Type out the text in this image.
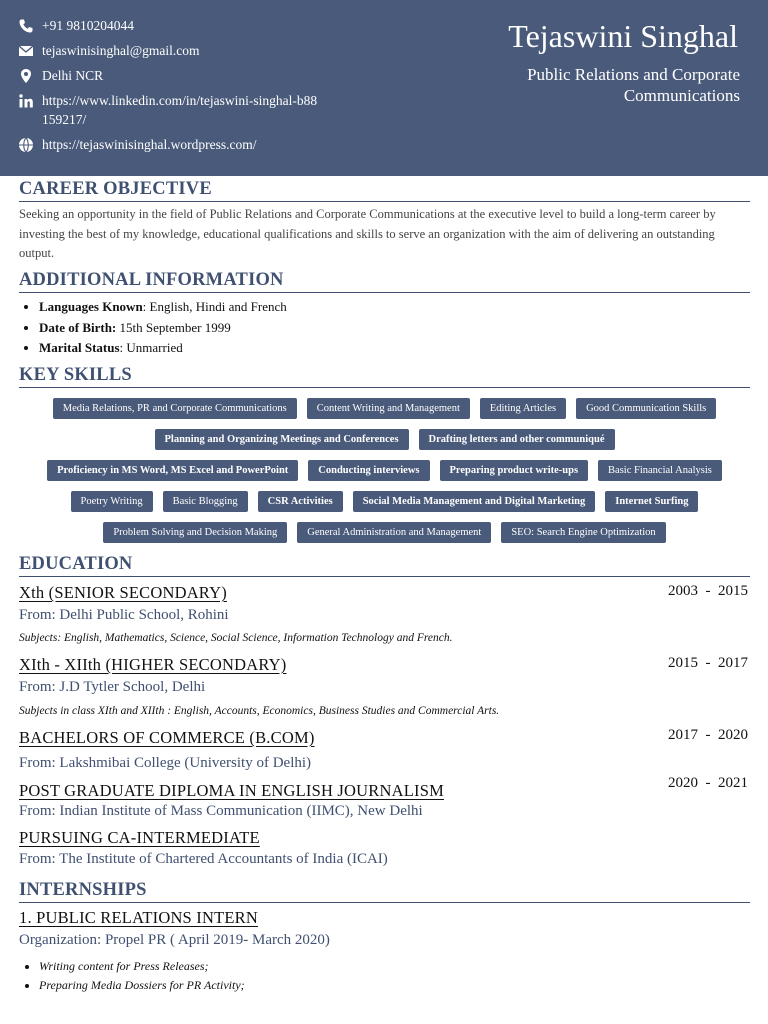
+91 9810204044
tejaswinisinghal@gmail.com
Delhi NCR
https://www.linkedin.com/in/tejaswini-singhal-b88159217/
https://tejaswinisinghal.wordpress.com/
Tejaswini Singhal
Public Relations and Corporate Communications
CAREER OBJECTIVE
Seeking an opportunity in the field of Public Relations and Corporate Communications at the executive level to build a long-term career by investing the best of my knowledge, educational qualifications and skills to serve an organization with the aim of delivering an outstanding output.
ADDITIONAL INFORMATION
• Languages Known: English, Hindi and French
• Date of Birth: 15th September 1999
• Marital Status: Unmarried
KEY SKILLS
Media Relations, PR and Corporate Communications	Content Writing and Management	Editing Articles	Good Communication Skills
Planning and Organizing Meetings and Conferences	Drafting letters and other communiqué
Proficiency in MS Word, MS Excel and PowerPoint	Conducting interviews	Preparing product write-ups	Basic Financial Analysis
Poetry Writing	Basic Blogging	CSR Activities	Social Media Management and Digital Marketing	Internet Surfing
Problem Solving and Decision Making	General Administration and Management	SEO: Search Engine Optimization
EDUCATION
Xth (SENIOR SECONDARY)	2003  -  2015
From: Delhi Public School, Rohini
Subjects: English, Mathematics, Science, Social Science, Information Technology and French.
XIth - XIIth (HIGHER SECONDARY)	2015  -  2017
From: J.D Tytler School, Delhi
Subjects in class XIth and XIIth : English, Accounts, Economics, Business Studies and Commercial Arts.
BACHELORS OF COMMERCE (B.COM)	2017  -  2020
From: Lakshmibai College (University of Delhi)
POST GRADUATE DIPLOMA IN ENGLISH JOURNALISM	2020  -  2021
From: Indian Institute of Mass Communication (IIMC), New Delhi
PURSUING CA-INTERMEDIATE
From: The Institute of Chartered Accountants of India (ICAI)
INTERNSHIPS
1. PUBLIC RELATIONS INTERN
Organization: Propel PR ( April 2019- March 2020)
• Writing content for Press Releases;
• Preparing Media Dossiers for PR Activity;
